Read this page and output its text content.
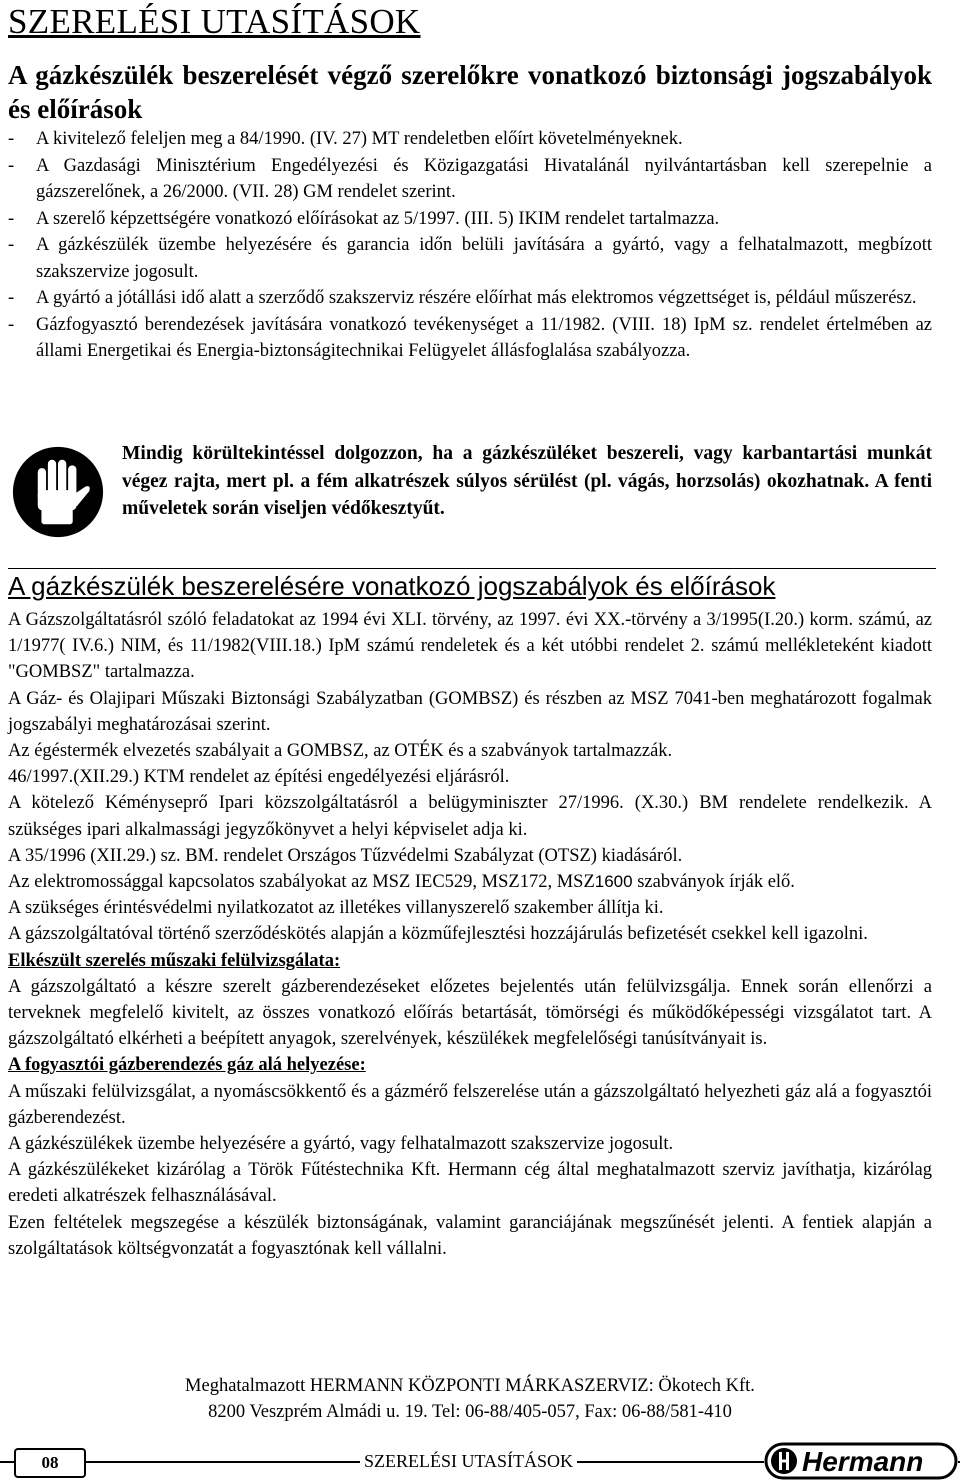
SZERELÉSI UTASÍTÁSOK
A gázkészülék beszerelését végző szerelőkre vonatkozó biztonsági jogszabályok és előírások
- A kivitelező feleljen meg a 84/1990. (IV. 27) MT rendeletben előírt követelményeknek.
- A Gazdasági Minisztérium Engedélyezési és Közigazgatási Hivatalánál nyilvántartásban kell szerepelnie a gázszerelőnek, a 26/2000. (VII. 28) GM rendelet szerint.
- A szerelő képzettségére vonatkozó előírásokat az 5/1997. (III. 5) IKIM rendelet tartalmazza.
- A gázkészülék üzembe helyezésére és garancia időn belüli javítására a gyártó, vagy a felhatalmazott, megbízott szakszervize jogosult.
- A gyártó a jótállási idő alatt a szerződő szakszerviz részére előírhat más elektromos végzettséget is, például műszerész.
- Gázfogyasztó berendezések javítására vonatkozó tevékenységet a 11/1982. (VIII. 18) IpM sz. rendelet értelmében az állami Energetikai és Energia-biztonságitechnikai Felügyelet állásfoglalása szabályozza.

Mindig körültekintéssel dolgozzon, ha a gázkészüléket beszereli, vagy karbantartási munkát végez rajta, mert pl. a fém alkatrészek súlyos sérülést (pl. vágás, horzsolás) okozhatnak. A fenti műveletek során viseljen védőkesztyűt.

A gázkészülék beszerelésére vonatkozó jogszabályok és előírások

A Gázszolgáltatásról szóló feladatokat az 1994 évi XLI. törvény, az 1997. évi XX.-törvény a 3/1995(I.20.) korm. számú, az 1/1977( IV.6.) NIM, és 11/1982(VIII.18.) IpM számú rendeletek és a két utóbbi rendelet 2. számú mellékleteként kiadott "GOMBSZ" tartalmazza.

A Gáz- és Olajipari Műszaki Biztonsági Szabályzatban (GOMBSZ) és részben az MSZ 7041-ben meghatározott fogalmak jogszabályi meghatározásai szerint.

Az égéstermék elvezetés szabályait a GOMBSZ, az OTÉK és a szabványok tartalmazzák.

46/1997.(XII.29.) KTM rendelet az építési engedélyezési eljárásról.

A kötelező Kéményseprő Ipari közszolgáltatásról a belügyminiszter 27/1996. (X.30.) BM rendelete rendelkezik. A szükséges ipari alkalmassági jegyzőkönyvet a helyi képviselet adja ki.

A 35/1996 (XII.29.) sz. BM. rendelet Országos Tűzvédelmi Szabályzat (OTSZ) kiadásáról.

Az elektromossággal kapcsolatos szabályokat az MSZ IEC529, MSZ172, MSZ1600 szabványok írják elő.

A szükséges érintésvédelmi nyilatkozatot az illetékes villanyszerelő szakember állítja ki.

A gázszolgáltatóval történő szerződéskötés alapján a közműfejlesztési hozzájárulás befizetését csekkel kell igazolni.

Elkészült szerelés műszaki felülvizsgálata:

A gázszolgáltató a készre szerelt gázberendezéseket előzetes bejelentés után felülvizsgálja. Ennek során ellenőrzi a terveknek megfelelő kivitelt, az összes vonatkozó előírás betartását, tömörségi és működőképességi vizsgálatot tart. A gázszolgáltató elkérheti a beépített anyagok, szerelvények, készülékek megfelelőségi tanúsítványait is.

A fogyasztói gázberendezés gáz alá helyezése:

A műszaki felülvizsgálat, a nyomáscsökkentő és a gázmérő felszerelése után a gázszolgáltató helyezheti gáz alá a fogyasztói gázberendezést.

A gázkészülékek üzembe helyezésére a gyártó, vagy felhatalmazott szakszervize jogosult.

A gázkészülékeket kizárólag a Török Fűtéstechnika Kft. Hermann cég által meghatalmazott szerviz javíthatja, kizárólag eredeti alkatrészek felhasználásával.

Ezen feltételek megszegése a készülék biztonságának, valamint garanciájának megszűnését jelenti. A fentiek alapján a szolgáltatások költségvonzatát a fogyasztónak kell vállalni.

Meghatalmazott HERMANN KÖZPONTI MÁRKASZERVIZ: Ökotech Kft.

8200 Veszprém Almádi u. 19. Tel: 06-88/405-057, Fax: 06-88/581-410

08	SZERELÉSI UTASÍTÁSOK	Hermann
